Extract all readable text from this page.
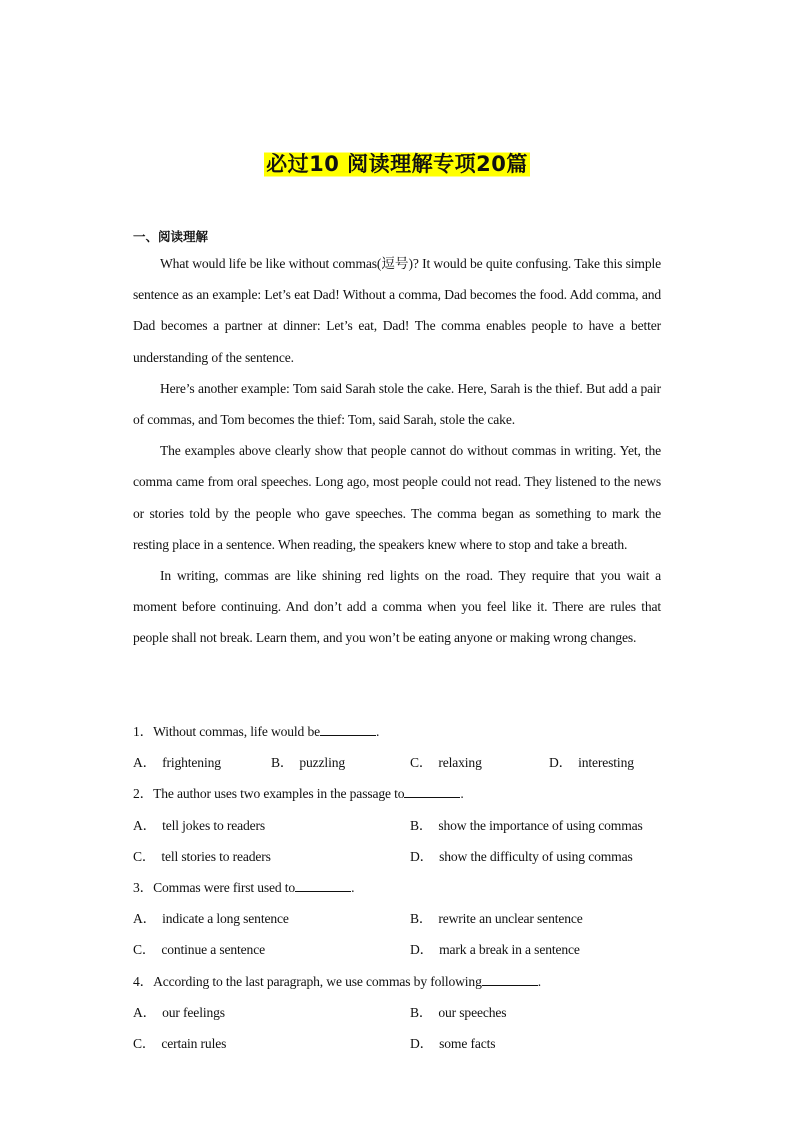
必过10 阅读理解专项20篇
一、阅读理解

What would life be like without commas(逗号)? It would be quite confusing. Take this simple sentence as an example: Let’s eat Dad! Without a comma, Dad becomes the food. Add comma, and Dad becomes a partner at dinner: Let’s eat, Dad! The comma enables people to have a better understanding of the sentence.

Here’s another example: Tom said Sarah stole the cake. Here, Sarah is the thief. But add a pair of commas, and Tom becomes the thief: Tom, said Sarah, stole the cake.

The examples above clearly show that people cannot do without commas in writing. Yet, the comma came from oral speeches. Long ago, most people could not read. They listened to the news or stories told by the people who gave speeches. The comma began as something to mark the resting place in a sentence. When reading, the speakers knew where to stop and take a breath.

In writing, commas are like shining red lights on the road. They require that you wait a moment before continuing. And don’t add a comma when you feel like it. There are rules that people shall not break. Learn them, and you won’t be eating anyone or making wrong changes.

1．Without commas, life would be	.
A． frightening	B． puzzling	C． relaxing	D． interesting
2．The author uses two examples in the passage to	.
A． tell jokes to readers	B． show the importance of using commas
C． tell stories to readers	D． show the difficulty of using commas
3．Commas were first used to	.
A． indicate a long sentence	B． rewrite an unclear sentence
C． continue a sentence	D． mark a break in a sentence
4．According to the last paragraph, we use commas by following	.
A． our feelings	B． our speeches
C． certain rules	D． some facts
